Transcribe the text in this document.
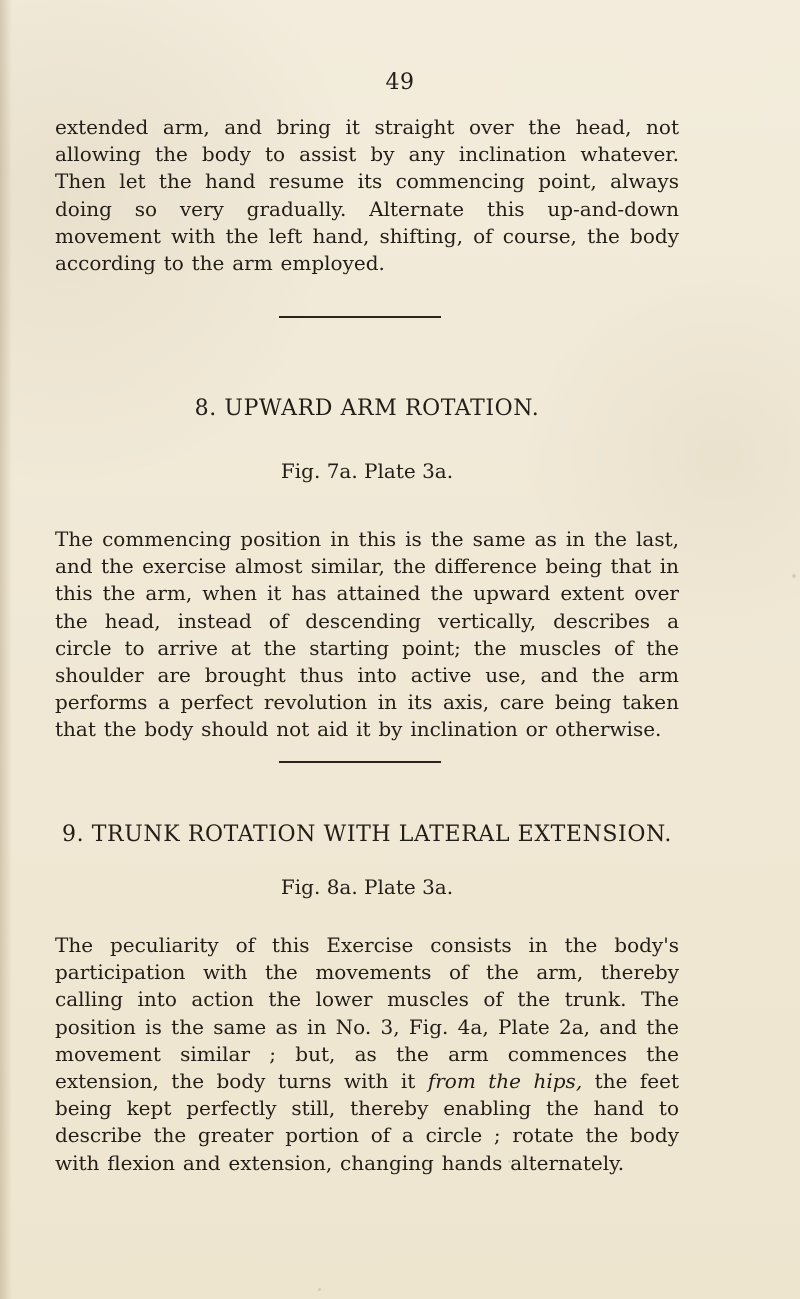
49

extended arm, and bring it straight over the head, not allowing the body to assist by any inclination whatever. Then let the hand resume its commencing point, always doing so very gradually. Alternate this up-and-down movement with the left hand, shifting, of course, the body according to the arm employed.

8. UPWARD ARM ROTATION.
Fig. 7a. Plate 3a.

The commencing position in this is the same as in the last, and the exercise almost similar, the difference being that in this the arm, when it has attained the upward extent over the head, instead of descending vertically, describes a circle to arrive at the starting point; the muscles of the shoulder are brought thus into active use, and the arm performs a perfect revolution in its axis, care being taken that the body should not aid it by inclination or otherwise.

9. TRUNK ROTATION WITH LATERAL EXTENSION.
Fig. 8a. Plate 3a.

The peculiarity of this Exercise consists in the body's participation with the movements of the arm, thereby calling into action the lower muscles of the trunk. The position is the same as in No. 3, Fig. 4a, Plate 2a, and the movement similar ; but, as the arm commences the extension, the body turns with it from the hips, the feet being kept perfectly still, thereby enabling the hand to describe the greater portion of a circle ; rotate the body with flexion and extension, changing hands alternately.
